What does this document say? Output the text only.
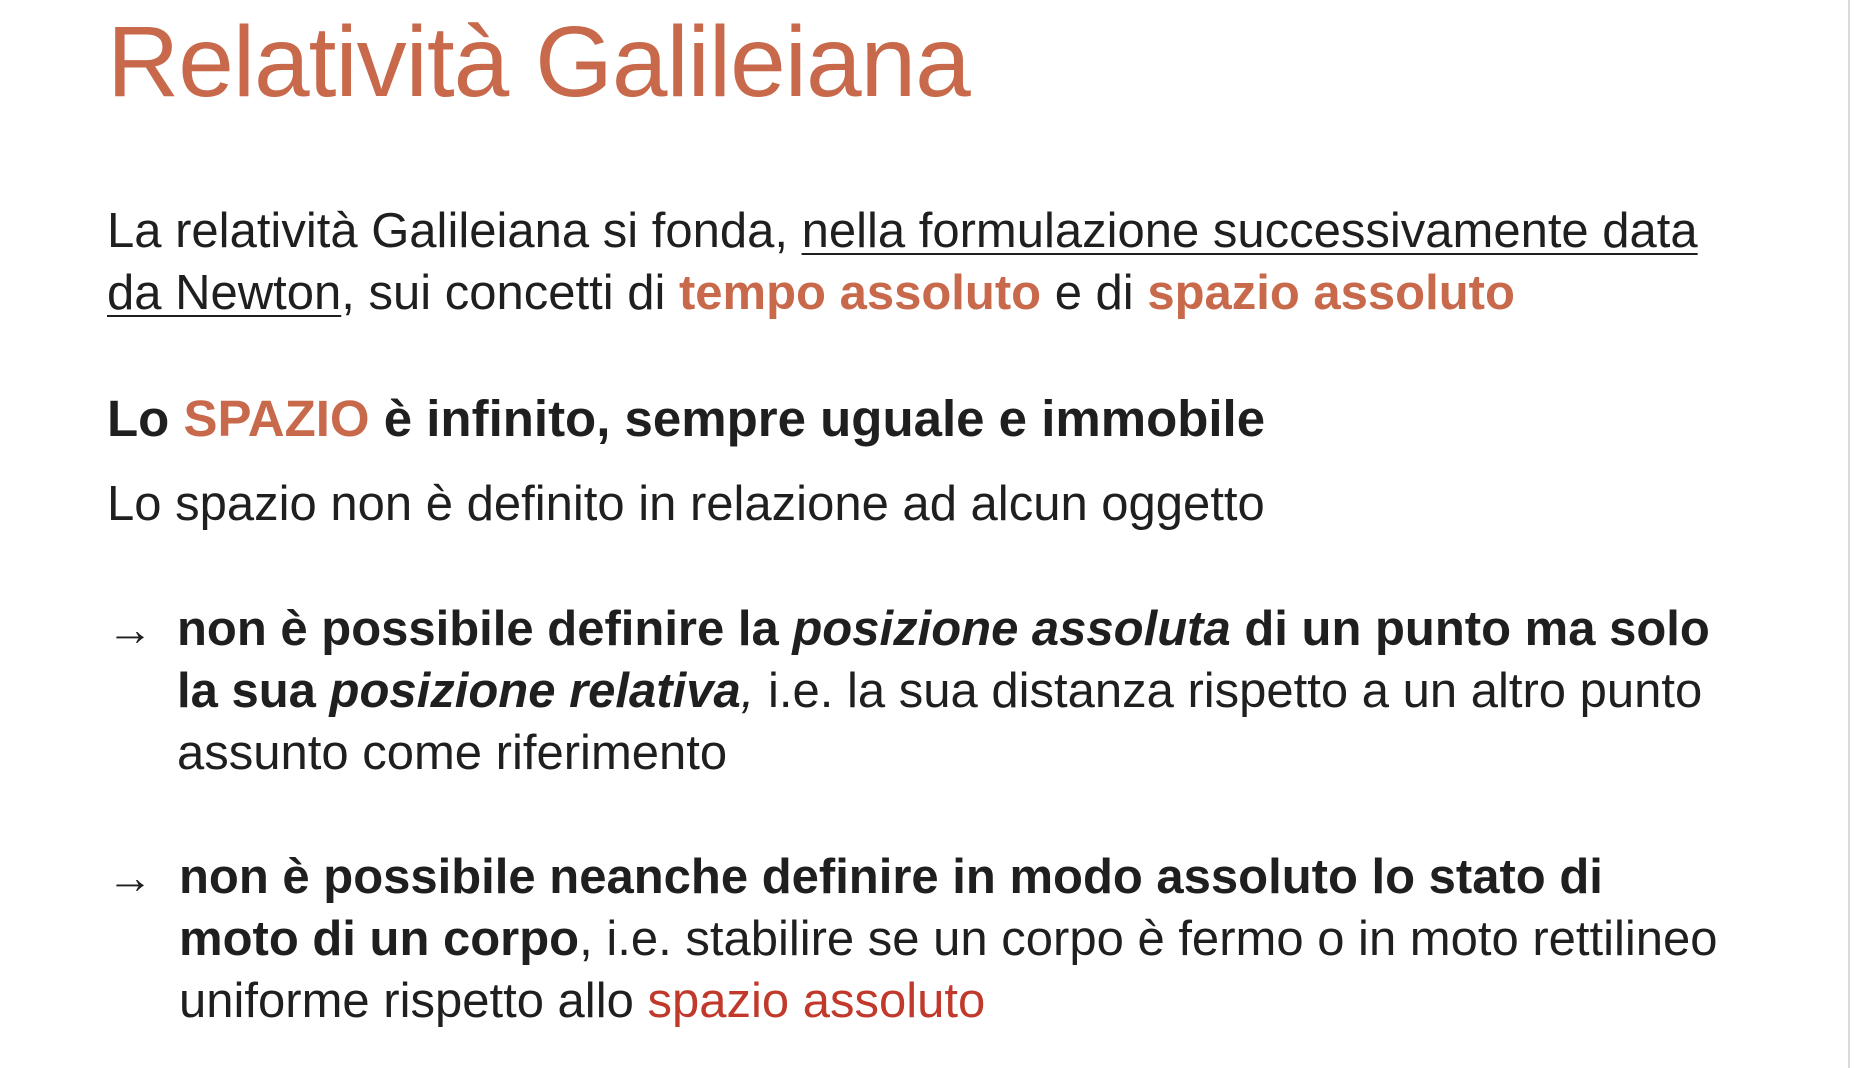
Relatività Galileiana
La relatività Galileiana si fonda, nella formulazione successivamente data
da Newton, sui concetti di tempo assoluto e di spazio assoluto
Lo SPAZIO è infinito, sempre uguale e immobile
Lo spazio non è definito in relazione ad alcun oggetto
→ non è possibile definire la posizione assoluta di un punto ma solo
la sua posizione relativa, i.e. la sua distanza rispetto a un altro punto
assunto come riferimento
→ non è possibile neanche definire in modo assoluto lo stato di
moto di un corpo, i.e. stabilire se un corpo è fermo o in moto rettilineo
uniforme rispetto allo spazio assoluto
